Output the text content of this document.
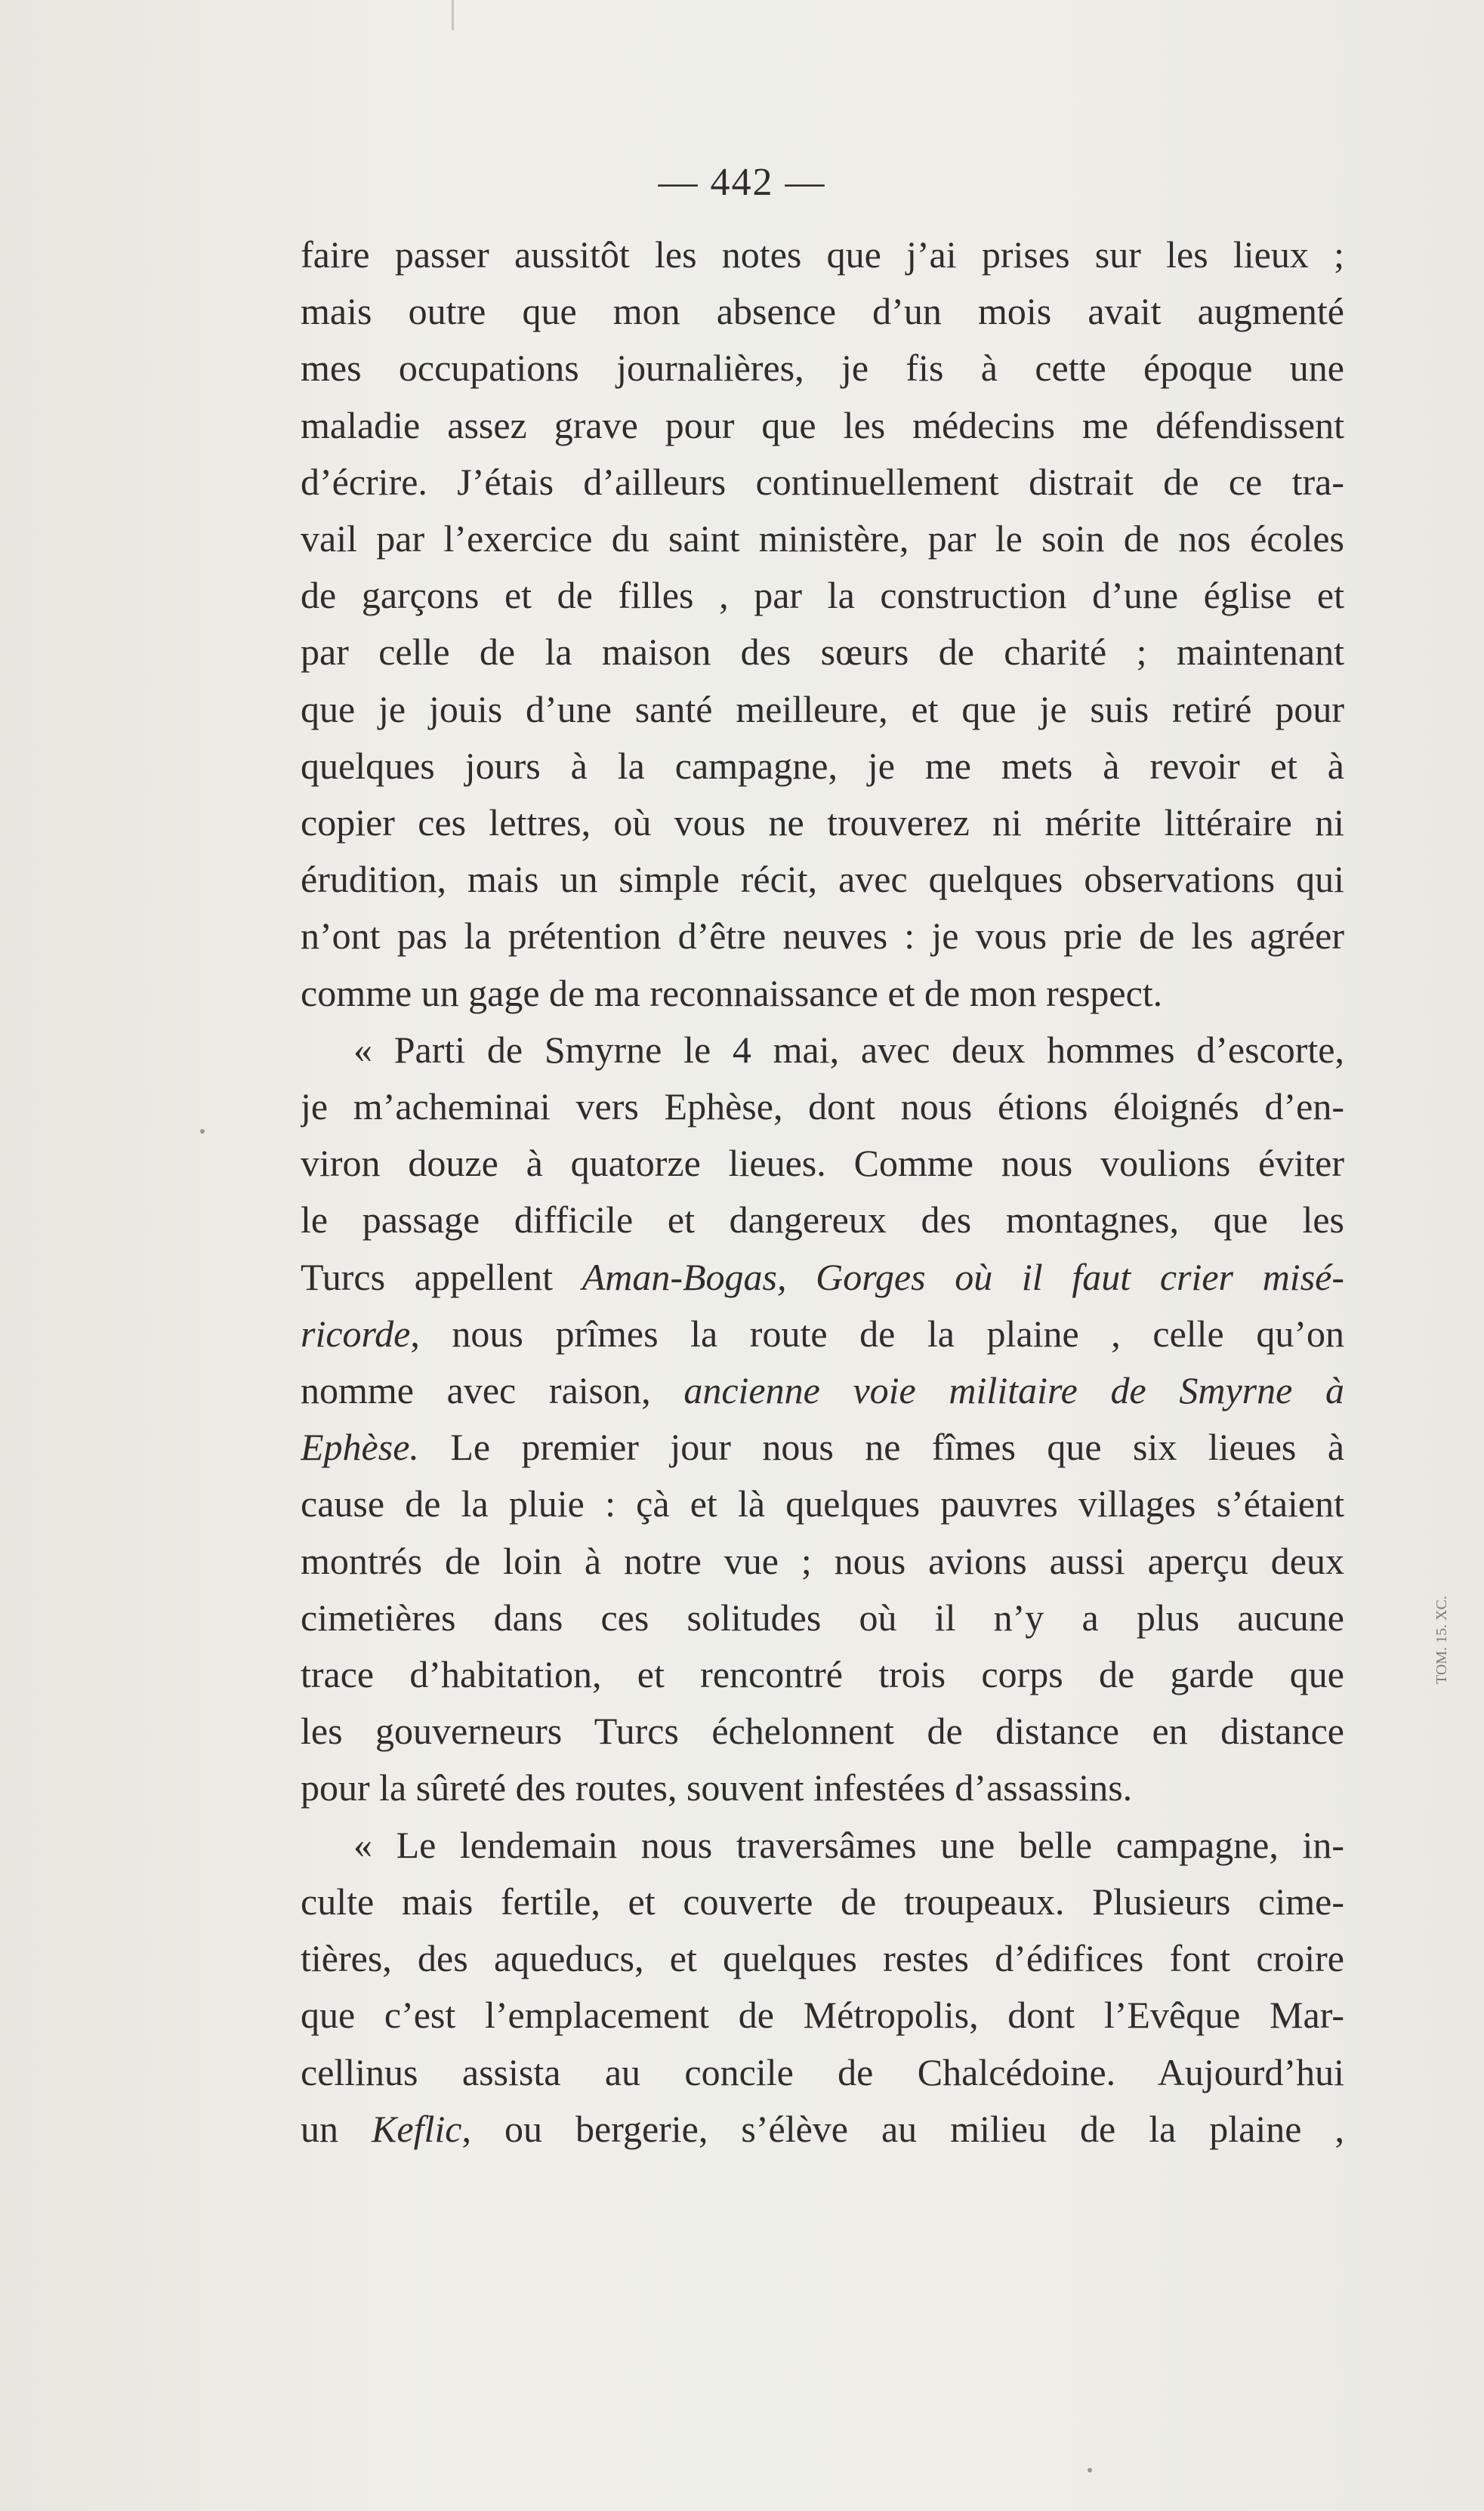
— 442 —
faire passer aussitôt les notes que j’ai prises sur les lieux ;
mais outre que mon absence d’un mois avait augmenté
mes occupations journalières, je fis à cette époque une
maladie assez grave pour que les médecins me défendissent
d’écrire. J’étais d’ailleurs continuellement distrait de ce tra-
vail par l’exercice du saint ministère, par le soin de nos écoles
de garçons et de filles , par la construction d’une église et
par celle de la maison des sœurs de charité ; maintenant
que je jouis d’une santé meilleure, et que je suis retiré pour
quelques jours à la campagne, je me mets à revoir et à
copier ces lettres, où vous ne trouverez ni mérite littéraire ni
érudition, mais un simple récit, avec quelques observations qui
n’ont pas la prétention d’être neuves : je vous prie de les agréer
comme un gage de ma reconnaissance et de mon respect.
« Parti de Smyrne le 4 mai, avec deux hommes d’escorte,
je m’acheminai vers Ephèse, dont nous étions éloignés d’en-
viron douze à quatorze lieues. Comme nous voulions éviter
le passage difficile et dangereux des montagnes, que les
Turcs appellent Aman-Bogas, Gorges où il faut crier misé-
ricorde, nous prîmes la route de la plaine , celle qu’on
nomme avec raison, ancienne voie militaire de Smyrne à
Ephèse. Le premier jour nous ne fîmes que six lieues à
cause de la pluie : çà et là quelques pauvres villages s’étaient
montrés de loin à notre vue ; nous avions aussi aperçu deux
cimetières dans ces solitudes où il n’y a plus aucune
trace d’habitation, et rencontré trois corps de garde que
les gouverneurs Turcs échelonnent de distance en distance
pour la sûreté des routes, souvent infestées d’assassins.
« Le lendemain nous traversâmes une belle campagne, in-
culte mais fertile, et couverte de troupeaux. Plusieurs cime-
tières, des aqueducs, et quelques restes d’édifices font croire
que c’est l’emplacement de Métropolis, dont l’Evêque Mar-
cellinus assista au concile de Chalcédoine. Aujourd’hui
un Keflic, ou bergerie, s’élève au milieu de la plaine ,
TOM. 15. XC.
